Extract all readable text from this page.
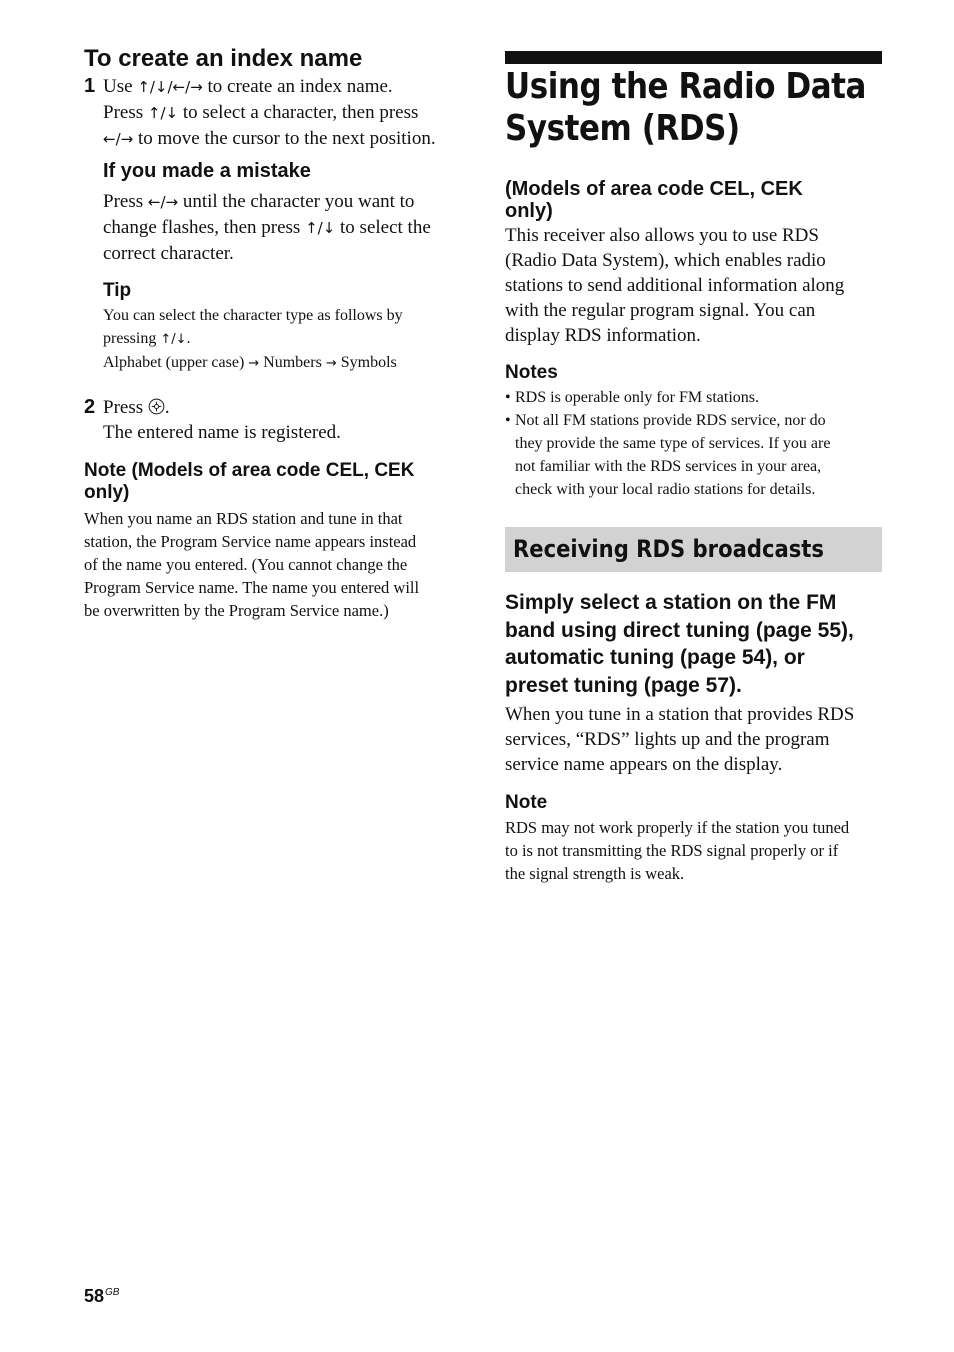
To create an index name
1 Use ↑/↓/←/→ to create an index name.
Press ↑/↓ to select a character, then press
←/→ to move the cursor to the next position.
If you made a mistake
Press ←/→ until the character you want to
change flashes, then press ↑/↓ to select the
correct character.
Tip
You can select the character type as follows by
pressing ↑/↓.
Alphabet (upper case) → Numbers → Symbols
2 Press .
The entered name is registered.
Note (Models of area code CEL, CEK
only)
When you name an RDS station and tune in that
station, the Program Service name appears instead
of the name you entered. (You cannot change the
Program Service name. The name you entered will
be overwritten by the Program Service name.)
Using the Radio Data
System (RDS)
(Models of area code CEL, CEK
only)
This receiver also allows you to use RDS
(Radio Data System), which enables radio
stations to send additional information along
with the regular program signal. You can
display RDS information.
Notes
• RDS is operable only for FM stations.

• Not all FM stations provide RDS service, nor do
they provide the same type of services. If you are
not familiar with the RDS services in your area,
check with your local radio stations for details.
Receiving RDS broadcasts
Simply select a station on the FM
band using direct tuning (page 55),
automatic tuning (page 54), or
preset tuning (page 57).
When you tune in a station that provides RDS
services, “RDS” lights up and the program
service name appears on the display.
Note
RDS may not work properly if the station you tuned
to is not transmitting the RDS signal properly or if
the signal strength is weak.
$58^{GB}$
